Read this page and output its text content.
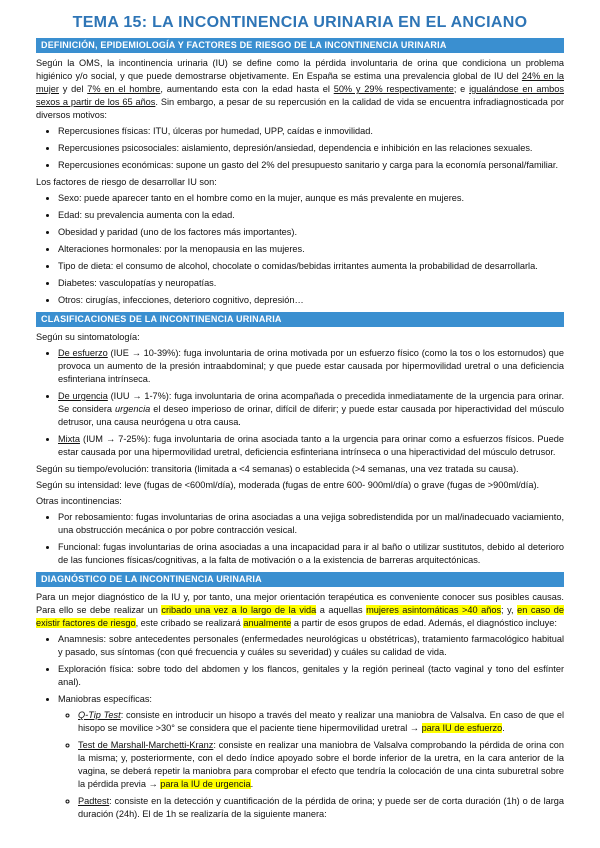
TEMA 15: LA INCONTINENCIA URINARIA EN EL ANCIANO
DEFINICIÓN, EPIDEMIOLOGÍA Y FACTORES DE RIESGO DE LA INCONTINENCIA URINARIA

Según la OMS, la incontinencia urinaria (IU) se define como la pérdida involuntaria de orina que condiciona un problema higiénico y/o social, y que puede demostrarse objetivamente. En España se estima una prevalencia global de IU del 24% en la mujer y del 7% en el hombre, aumentando esta con la edad hasta el 50% y 29% respectivamente; e igualándose en ambos sexos a partir de los 65 años. Sin embargo, a pesar de su repercusión en la calidad de vida se encuentra infradiagnosticada por diversos motivos:

• Repercusiones físicas: ITU, úlceras por humedad, UPP, caídas e inmovilidad.
• Repercusiones psicosociales: aislamiento, depresión/ansiedad, dependencia e inhibición en las relaciones sexuales.
• Repercusiones económicas: supone un gasto del 2% del presupuesto sanitario y carga para la economía personal/familiar.

Los factores de riesgo de desarrollar IU son:

• Sexo: puede aparecer tanto en el hombre como en la mujer, aunque es más prevalente en mujeres.
• Edad: su prevalencia aumenta con la edad.
• Obesidad y paridad (uno de los factores más importantes).
• Alteraciones hormonales: por la menopausia en las mujeres.
• Tipo de dieta: el consumo de alcohol, chocolate o comidas/bebidas irritantes aumenta la probabilidad de desarrollarla.
• Diabetes: vasculopatías y neuropatías.
• Otros: cirugías, infecciones, deterioro cognitivo, depresión…
CLASIFICACIONES DE LA INCONTINENCIA URINARIA

Según su sintomatología:

• De esfuerzo (IUE → 10-39%): fuga involuntaria de orina motivada por un esfuerzo físico (como la tos o los estornudos) que provoca un aumento de la presión intraabdominal; y que puede estar causada por hipermovilidad uretral o una deficiencia esfinteriana intrínseca.
• De urgencia (IUU → 1-7%): fuga involuntaria de orina acompañada o precedida inmediatamente de la urgencia para orinar. Se considera urgencia el deseo imperioso de orinar, difícil de diferir; y puede estar causada por hiperactividad del músculo detrusor, una causa neurógena u otra causa.
• Mixta (IUM → 7-25%): fuga involuntaria de orina asociada tanto a la urgencia para orinar como a esfuerzos físicos. Puede estar causada por una hipermovilidad uretral, deficiencia esfinteriana intrínseca o una hiperactividad del músculo detrusor.

Según su tiempo/evolución: transitoria (limitada a <4 semanas) o establecida (>4 semanas, una vez tratada su causa).

Según su intensidad: leve (fugas de <600ml/día), moderada (fugas de entre 600- 900ml/día) o grave (fugas de >900ml/día).

Otras incontinencias:

• Por rebosamiento: fugas involuntarias de orina asociadas a una vejiga sobredistendida por un mal/inadecuado vaciamiento, una obstrucción mecánica o por pobre contracción vesical.
• Funcional: fugas involuntarias de orina asociadas a una incapacidad para ir al baño o utilizar sustitutos, debido al deterioro de las funciones físicas/cognitivas, a la falta de motivación o a la existencia de barreras arquitectónicas.
DIAGNÓSTICO DE LA INCONTINENCIA URINARIA

Para un mejor diagnóstico de la IU y, por tanto, una mejor orientación terapéutica es conveniente conocer sus posibles causas. Para ello se debe realizar un cribado una vez a lo largo de la vida a aquellas mujeres asintomáticas >40 años; y, en caso de existir factores de riesgo, este cribado se realizará anualmente a partir de esos grupos de edad. Además, el diagnóstico incluye:

• Anamnesis: sobre antecedentes personales (enfermedades neurológicas u obstétricas), tratamiento farmacológico habitual y pasado, sus síntomas (con qué frecuencia y cuáles su severidad) y cuáles su calidad de vida.
• Exploración física: sobre todo del abdomen y los flancos, genitales y la región perineal (tacto vaginal y tono del esfínter anal).
• Maniobras específicas:
◦ Q-Tip Test: consiste en introducir un hisopo a través del meato y realizar una maniobra de Valsalva. En caso de que el hisopo se movilice >30° se considera que el paciente tiene hipermovilidad uretral → para IU de esfuerzo.
◦ Test de Marshall-Marchetti-Kranz: consiste en realizar una maniobra de Valsalva comprobando la pérdida de orina con la misma; y, posteriormente, con el dedo índice apoyado sobre el borde inferior de la uretra, en la cara anterior de la vagina, se deberá repetir la maniobra para comprobar el efecto que tendría la colocación de una cinta suburetral sobre la pérdida previa → para la IU de urgencia.
◦ Padtest: consiste en la detección y cuantificación de la pérdida de orina; y puede ser de corta duración (1h) o de larga duración (24h). El de 1h se realizaría de la siguiente manera:
